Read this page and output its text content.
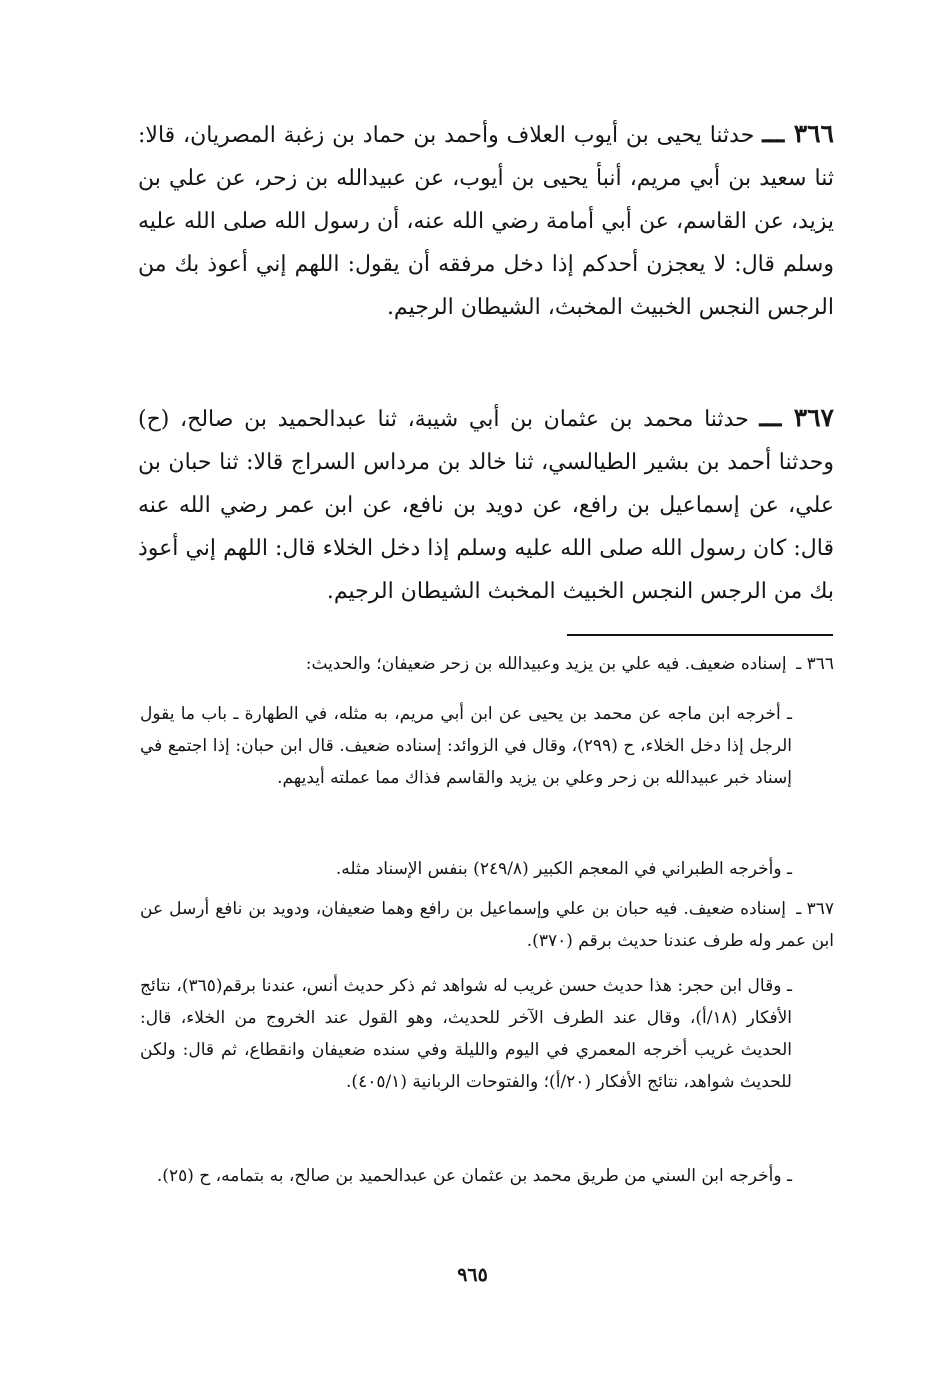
٣٦٦ ـــ حدثنا يحيى بن أيوب العلاف وأحمد بن حماد بن زغبة المصريان، قالا: ثنا سعيد بن أبي مريم، أنبأ يحيى بن أيوب، عن عبيدالله بن زحر، عن علي بن يزيد، عن القاسم، عن أبي أمامة رضي الله عنه، أن رسول الله صلى الله عليه وسلم قال: لا يعجزن أحدكم إذا دخل مرفقه أن يقول: اللهم إني أعوذ بك من الرجس النجس الخبيث المخبث، الشيطان الرجيم.

٣٦٧ ـــ حدثنا محمد بن عثمان بن أبي شيبة، ثنا عبدالحميد بن صالح، (ح) وحدثنا أحمد بن بشير الطيالسي، ثنا خالد بن مرداس السراج قالا: ثنا حبان بن علي، عن إسماعيل بن رافع، عن دويد بن نافع، عن ابن عمر رضي الله عنه قال: كان رسول الله صلى الله عليه وسلم إذا دخل الخلاء قال: اللهم إني أعوذ بك من الرجس النجس الخبيث المخبث الشيطان الرجيم.

٣٦٦ ـ إسناده ضعيف. فيه علي بن يزيد وعبيدالله بن زحر ضعيفان؛ والحديث:

ـ أخرجه ابن ماجه عن محمد بن يحيى عن ابن أبي مريم، به مثله، في الطهارة ـ باب ما يقول الرجل إذا دخل الخلاء، ح (٢٩٩)، وقال في الزوائد: إسناده ضعيف. قال ابن حبان: إذا اجتمع في إسناد خبر عبيدالله بن زحر وعلي بن يزيد والقاسم فذاك مما عملته أيديهم.

ـ وأخرجه الطبراني في المعجم الكبير (٢٤٩/٨) بنفس الإسناد مثله.

٣٦٧ ـ إسناده ضعيف. فيه حبان بن علي وإسماعيل بن رافع وهما ضعيفان، ودويد بن نافع أرسل عن ابن عمر وله طرف عندنا حديث برقم (٣٧٠).

ـ وقال ابن حجر: هذا حديث حسن غريب له شواهد ثم ذكر حديث أنس، عندنا برقم(٣٦٥)، نتائج الأفكار (١٨/أ)، وقال عند الطرف الآخر للحديث، وهو القول عند الخروج من الخلاء، قال: الحديث غريب أخرجه المعمري في اليوم والليلة وفي سنده ضعيفان وانقطاع، ثم قال: ولكن للحديث شواهد، نتائج الأفكار (٢٠/أ)؛ والفتوحات الربانية (٤٠٥/١).

ـ وأخرجه ابن السني من طريق محمد بن عثمان عن عبدالحميد بن صالح، به بتمامه، ح (٢٥).

٩٦٥
